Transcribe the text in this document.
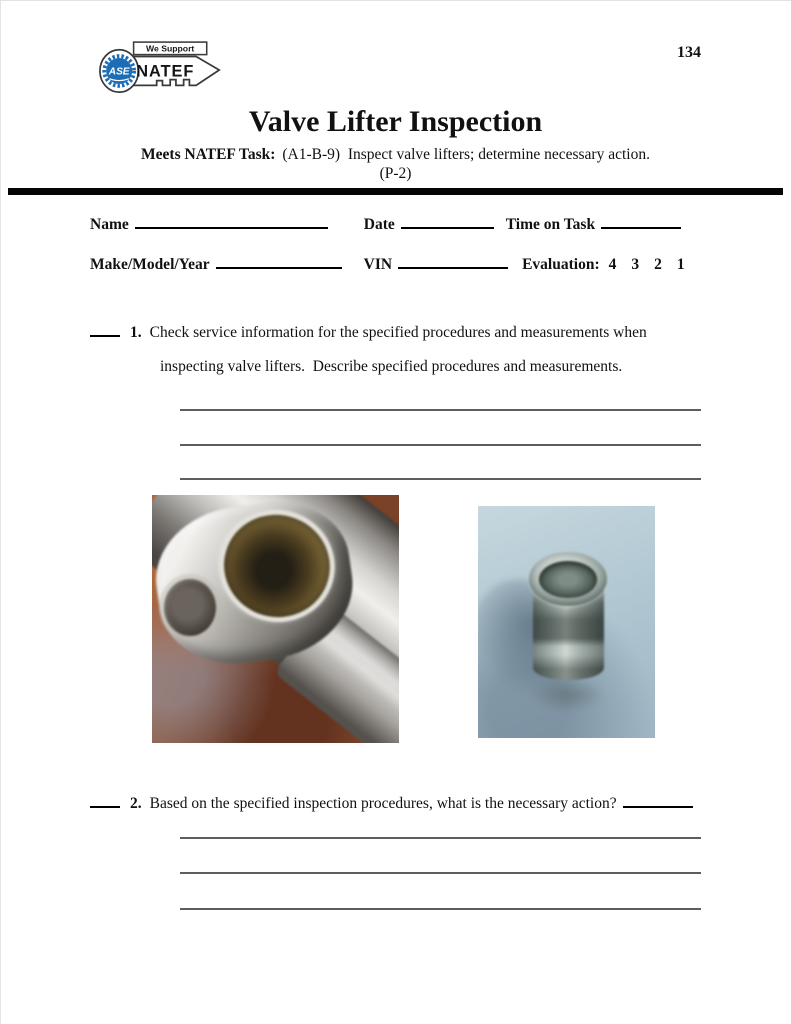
134
We Support
ASE NATEF
Valve Lifter Inspection
Meets NATEF Task: (A1-B-9)  Inspect valve lifters; determine necessary action.
(P-2)
Name	Date	Time on Task
Make/Model/Year	VIN	Evaluation: 4 3 2 1
1. Check service information for the specified procedures and measurements when
inspecting valve lifters.  Describe specified procedures and measurements.
2. Based on the specified inspection procedures, what is the necessary action?
